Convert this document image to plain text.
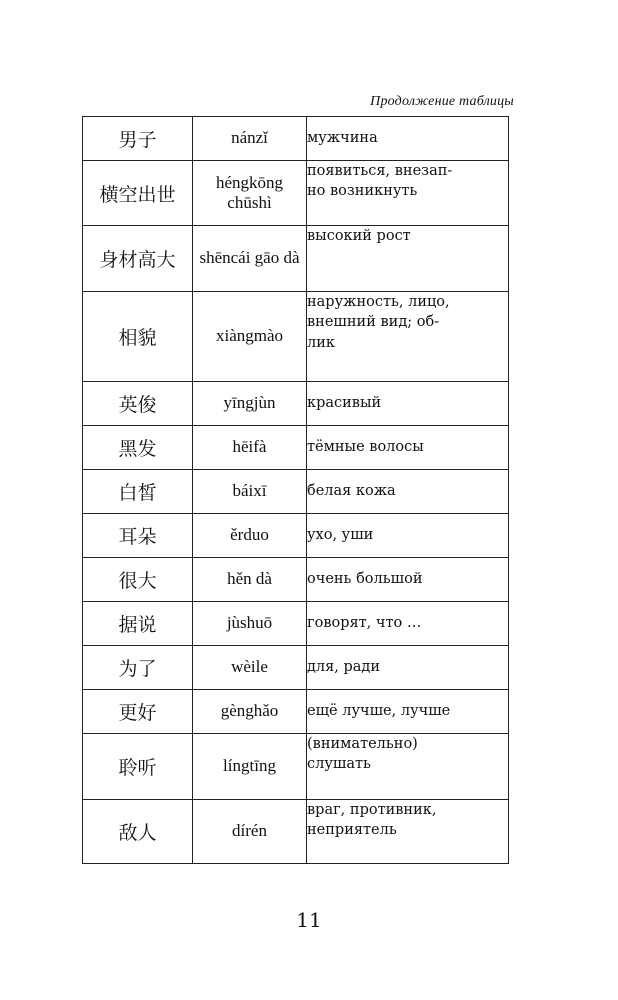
Продолжение таблицы
男子	nánzǐ	мужчина
横空出世	héngkōng chūshì	появиться, внезап-
но возникнуть
身材高大	shēncái gāo dà	высокий рост
相貌	xiàngmào	наружность, лицо,
внешний вид; об-
лик
英俊	yīngjùn	красивый
黑发	hēifà	тёмные волосы
白皙	báixī	белая кожа
耳朵	ěrduo	ухо, уши
很大	hěn dà	очень большой
据说	jùshuō	говорят, что …
为了	wèile	для, ради
更好	gènghǎo	ещё лучше, лучше
聆听	língtīng	(внимательно)
слушать
敌人	dírén	враг, противник,
неприятель
11
